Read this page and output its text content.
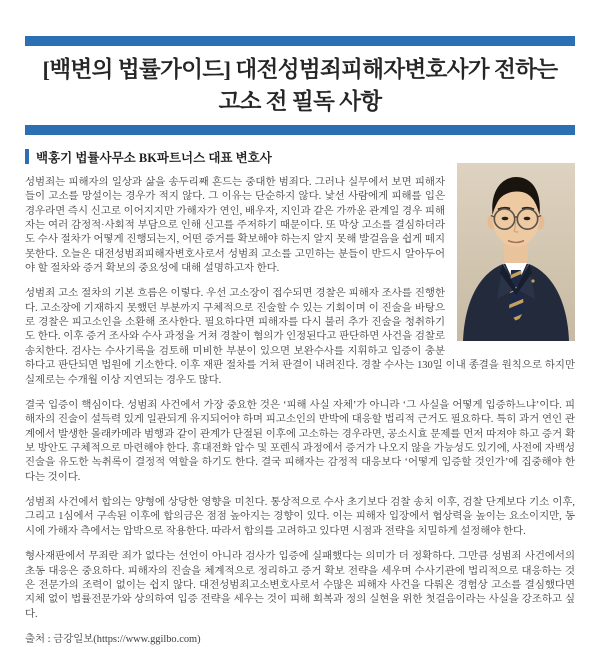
[백변의 법률가이드] 대전성범죄피해자변호사가 전하는
고소 전 필독 사항
백홍기 법률사무소 BK파트너스 대표 변호사

성범죄는 피해자의 일상과 삶을 송두리째 흔드는 중대한 범죄다. 그러나 실무에서 보면 피해자들이 고소를 망설이는 경우가 적지 않다. 그 이유는 단순하지 않다. 낯선 사람에게 피해를 입은 경우라면 즉시 신고로 이어지지만 가해자가 연인, 배우자, 지인과 같은 가까운 관계일 경우 피해자는 여러 감정적·사회적 부담으로 인해 신고를 주저하기 때문이다. 또 막상 고소를 결심하더라도 수사 절차가 어떻게 진행되는지, 어떤 증거를 확보해야 하는지 알지 못해 발걸음을 쉽게 떼지 못한다. 오늘은 대전성범죄피해자변호사로서 성범죄 고소를 고민하는 분들이 반드시 알아두어야 할 절차와 증거 확보의 중요성에 대해 설명하고자 한다.

성범죄 고소 절차의 기본 흐름은 이렇다. 우선 고소장이 접수되면 경찰은 피해자 조사를 진행한다. 고소장에 기재하지 못했던 부분까지 구체적으로 진술할 수 있는 기회이며 이 진술을 바탕으로 경찰은 피고소인을 소환해 조사한다. 필요하다면 피해자를 다시 불러 추가 진술을 청취하기도 한다. 이후 증거 조사와 수사 과정을 거쳐 경찰이 혐의가 인정된다고 판단하면 사건을 검찰로 송치한다. 검사는 수사기록을 검토해 미비한 부분이 있으면 보완수사를 지휘하고 입증이 충분하다고 판단되면 법원에 기소한다. 이후 재판 절차를 거쳐 판결이 내려진다. 경찰 수사는 130일 이내 종결을 원칙으로 하지만 실제로는 수개월 이상 지연되는 경우도 많다.

결국 입증이 핵심이다. 성범죄 사건에서 가장 중요한 것은 ‘피해 사실 자체’가 아니라 ‘그 사실을 어떻게 입증하느냐’이다. 피해자의 진술이 설득력 있게 일관되게 유지되어야 하며 피고소인의 반박에 대응할 법리적 근거도 필요하다. 특히 과거 연인 관계에서 발생한 몰래카메라 범행과 같이 관계가 단절된 이후에 고소하는 경우라면, 공소시효 문제를 먼저 따져야 하고 증거 확보 방안도 구체적으로 마련해야 한다. 휴대전화 압수 및 포렌식 과정에서 증거가 나오지 않을 가능성도 있기에, 사전에 자백성 진술을 유도한 녹취록이 결정적 역할을 하기도 한다. 결국 피해자는 감정적 대응보다 ‘어떻게 입증할 것인가’에 집중해야 한다는 것이다.

성범죄 사건에서 합의는 양형에 상당한 영향을 미친다. 통상적으로 수사 초기보다 검찰 송치 이후, 검찰 단계보다 기소 이후, 그리고 1심에서 구속된 이후에 합의금은 점점 높아지는 경향이 있다. 이는 피해자 입장에서 협상력을 높이는 요소이지만, 동시에 가해자 측에서는 압박으로 작용한다. 따라서 합의를 고려하고 있다면 시점과 전략을 치밀하게 설정해야 한다.

형사재판에서 무죄란 죄가 없다는 선언이 아니라 검사가 입증에 실패했다는 의미가 더 정확하다. 그만큼 성범죄 사건에서의 초동 대응은 중요하다. 피해자의 진술을 체계적으로 정리하고 증거 확보 전략을 세우며 수사기관에 법리적으로 대응하는 것은 전문가의 조력이 없이는 쉽지 않다. 대전성범죄고소변호사로서 수많은 피해자 사건을 다뤄온 경험상 고소를 결심했다면 지체 없이 법률전문가와 상의하여 입증 전략을 세우는 것이 피해 회복과 정의 실현을 위한 첫걸음이라는 사실을 강조하고 싶다.

출처 : 금강일보(https://www.ggilbo.com)
